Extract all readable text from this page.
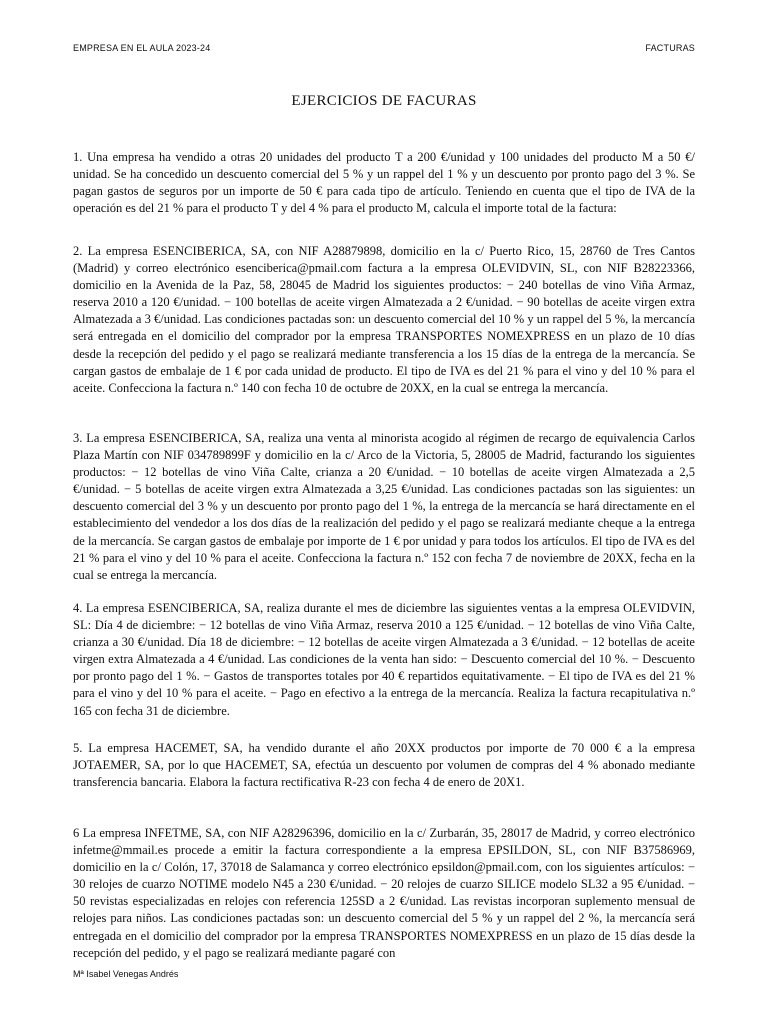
EMPRESA EN EL AULA 2023-24	FACTURAS
EJERCICIOS DE FACURAS

1. Una empresa ha vendido a otras 20 unidades del producto T a 200 €/unidad y 100 unidades del producto M a 50 €/ unidad. Se ha concedido un descuento comercial del 5 % y un rappel del 1 % y un descuento por pronto pago del 3 %. Se pagan gastos de seguros por un importe de 50 € para cada tipo de artículo. Teniendo en cuenta que el tipo de IVA de la operación es del 21 % para el producto T y del 4 % para el producto M, calcula el importe total de la factura:

2. La empresa ESENCIBERICA, SA, con NIF A28879898, domicilio en la c/ Puerto Rico, 15, 28760 de Tres Cantos (Madrid) y correo electrónico esenciberica@pmail.com factura a la empresa OLEVIDVIN, SL, con NIF B28223366, domicilio en la Avenida de la Paz, 58, 28045 de Madrid los siguientes productos: − 240 botellas de vino Viña Armaz, reserva 2010 a 120 €/unidad. − 100 botellas de aceite virgen Almatezada a 2 €/unidad. − 90 botellas de aceite virgen extra Almatezada a 3 €/unidad. Las condiciones pactadas son: un descuento comercial del 10 % y un rappel del 5 %, la mercancía será entregada en el domicilio del comprador por la empresa TRANSPORTES NOMEXPRESS en un plazo de 10 días desde la recepción del pedido y el pago se realizará mediante transferencia a los 15 días de la entrega de la mercancía. Se cargan gastos de embalaje de 1 € por cada unidad de producto. El tipo de IVA es del 21 % para el vino y del 10 % para el aceite. Confecciona la factura n.º 140 con fecha 10 de octubre de 20XX, en la cual se entrega la mercancía.

3. La empresa ESENCIBERICA, SA, realiza una venta al minorista acogido al régimen de recargo de equivalencia Carlos Plaza Martín con NIF 034789899F y domicilio en la c/ Arco de la Victoria, 5, 28005 de Madrid, facturando los siguientes productos: − 12 botellas de vino Viña Calte, crianza a 20 €/unidad. − 10 botellas de aceite virgen Almatezada a 2,5 €/unidad. − 5 botellas de aceite virgen extra Almatezada a 3,25 €/unidad. Las condiciones pactadas son las siguientes: un descuento comercial del 3 % y un descuento por pronto pago del 1 %, la entrega de la mercancía se hará directamente en el establecimiento del vendedor a los dos días de la realización del pedido y el pago se realizará mediante cheque a la entrega de la mercancía. Se cargan gastos de embalaje por importe de 1 € por unidad y para todos los artículos. El tipo de IVA es del 21 % para el vino y del 10 % para el aceite. Confecciona la factura n.º 152 con fecha 7 de noviembre de 20XX, fecha en la cual se entrega la mercancía.

4. La empresa ESENCIBERICA, SA, realiza durante el mes de diciembre las siguientes ventas a la empresa OLEVIDVIN, SL: Día 4 de diciembre: − 12 botellas de vino Viña Armaz, reserva 2010 a 125 €/unidad. − 12 botellas de vino Viña Calte, crianza a 30 €/unidad. Día 18 de diciembre: − 12 botellas de aceite virgen Almatezada a 3 €/unidad. − 12 botellas de aceite virgen extra Almatezada a 4 €/unidad. Las condiciones de la venta han sido: − Descuento comercial del 10 %. − Descuento por pronto pago del 1 %. − Gastos de transportes totales por 40 € repartidos equitativamente. − El tipo de IVA es del 21 % para el vino y del 10 % para el aceite. − Pago en efectivo a la entrega de la mercancía. Realiza la factura recapitulativa n.º 165 con fecha 31 de diciembre.

5. La empresa HACEMET, SA, ha vendido durante el año 20XX productos por importe de 70 000 € a la empresa JOTAEMER, SA, por lo que HACEMET, SA, efectúa un descuento por volumen de compras del 4 % abonado mediante transferencia bancaria. Elabora la factura rectificativa R-23 con fecha 4 de enero de 20X1.

6 La empresa INFETME, SA, con NIF A28296396, domicilio en la c/ Zurbarán, 35, 28017 de Madrid, y correo electrónico infetme@mmail.es procede a emitir la factura correspondiente a la empresa EPSILDON, SL, con NIF B37586969, domicilio en la c/ Colón, 17, 37018 de Salamanca y correo electrónico epsildon@pmail.com, con los siguientes artículos: − 30 relojes de cuarzo NOTIME modelo N45 a 230 €/unidad. − 20 relojes de cuarzo SILICE modelo SL32 a 95 €/unidad. − 50 revistas especializadas en relojes con referencia 125SD a 2 €/unidad. Las revistas incorporan suplemento mensual de relojes para niños. Las condiciones pactadas son: un descuento comercial del 5 % y un rappel del 2 %, la mercancía será entregada en el domicilio del comprador por la empresa TRANSPORTES NOMEXPRESS en un plazo de 15 días desde la recepción del pedido, y el pago se realizará mediante pagaré con

Mª Isabel Venegas Andrés
